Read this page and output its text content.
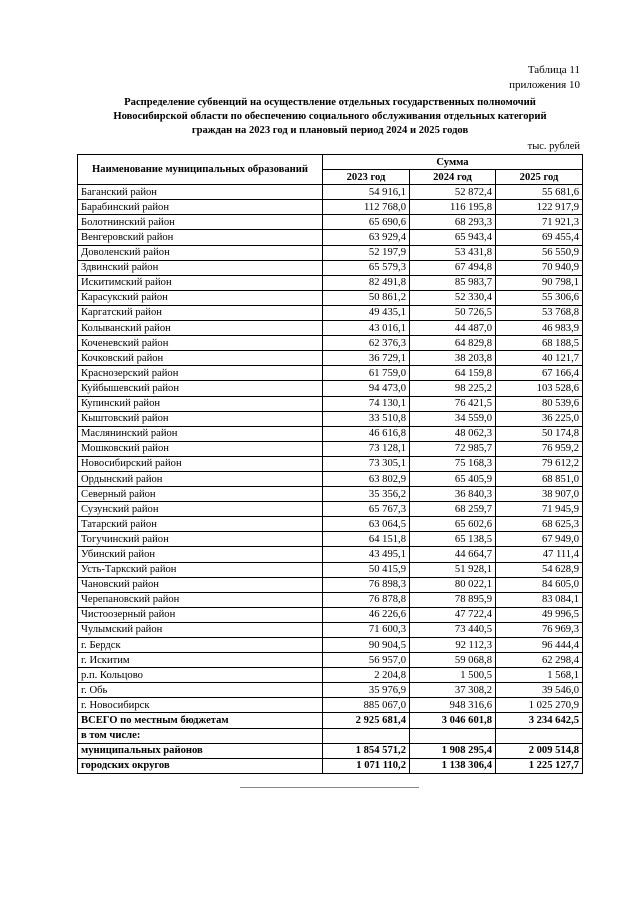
Таблица 11
приложения 10
Распределение субвенций на осуществление отдельных государственных полномочий
Новосибирской области по обеспечению социального обслуживания отдельных категорий
граждан на 2023 год и плановый период 2024 и 2025 годов
тыс. рублей
Наименование муниципальных образований	Сумма		
	2023 год	2024 год	2025 год
Баганский район	54 916,1	52 872,4	55 681,6
Барабинский район	112 768,0	116 195,8	122 917,9
Болотнинский район	65 690,6	68 293,3	71 921,3
Венгеровский район	63 929,4	65 943,4	69 455,4
Доволенский район	52 197,9	53 431,8	56 550,9
Здвинский район	65 579,3	67 494,8	70 940,9
Искитимский район	82 491,8	85 983,7	90 798,1
Карасукский район	50 861,2	52 330,4	55 306,6
Каргатский район	49 435,1	50 726,5	53 768,8
Колыванский район	43 016,1	44 487,0	46 983,9
Коченевский район	62 376,3	64 829,8	68 188,5
Кочковский район	36 729,1	38 203,8	40 121,7
Краснозерский район	61 759,0	64 159,8	67 166,4
Куйбышевский район	94 473,0	98 225,2	103 528,6
Купинский район	74 130,1	76 421,5	80 539,6
Кыштовский район	33 510,8	34 559,0	36 225,0
Маслянинский район	46 616,8	48 062,3	50 174,8
Мошковский район	73 128,1	72 985,7	76 959,2
Новосибирский район	73 305,1	75 168,3	79 612,2
Ордынский район	63 802,9	65 405,9	68 851,0
Северный район	35 356,2	36 840,3	38 907,0
Сузунский район	65 767,3	68 259,7	71 945,9
Татарский район	63 064,5	65 602,6	68 625,3
Тогучинский район	64 151,8	65 138,5	67 949,0
Убинский район	43 495,1	44 664,7	47 111,4
Усть-Таркский район	50 415,9	51 928,1	54 628,9
Чановский район	76 898,3	80 022,1	84 605,0
Черепановский район	76 878,8	78 895,9	83 084,1
Чистоозерный район	46 226,6	47 722,4	49 996,5
Чулымский район	71 600,3	73 440,5	76 969,3
г. Бердск	90 904,5	92 112,3	96 444,4
г. Искитим	56 957,0	59 068,8	62 298,4
р.п. Кольцово	2 204,8	1 500,5	1 568,1
г. Обь	35 976,9	37 308,2	39 546,0
г. Новосибирск	885 067,0	948 316,6	1 025 270,9
ВСЕГО по местным бюджетам	2 925 681,4	3 046 601,8	3 234 642,5
в том числе:			
муниципальных районов	1 854 571,2	1 908 295,4	2 009 514,8
городских округов	1 071 110,2	1 138 306,4	1 225 127,7
